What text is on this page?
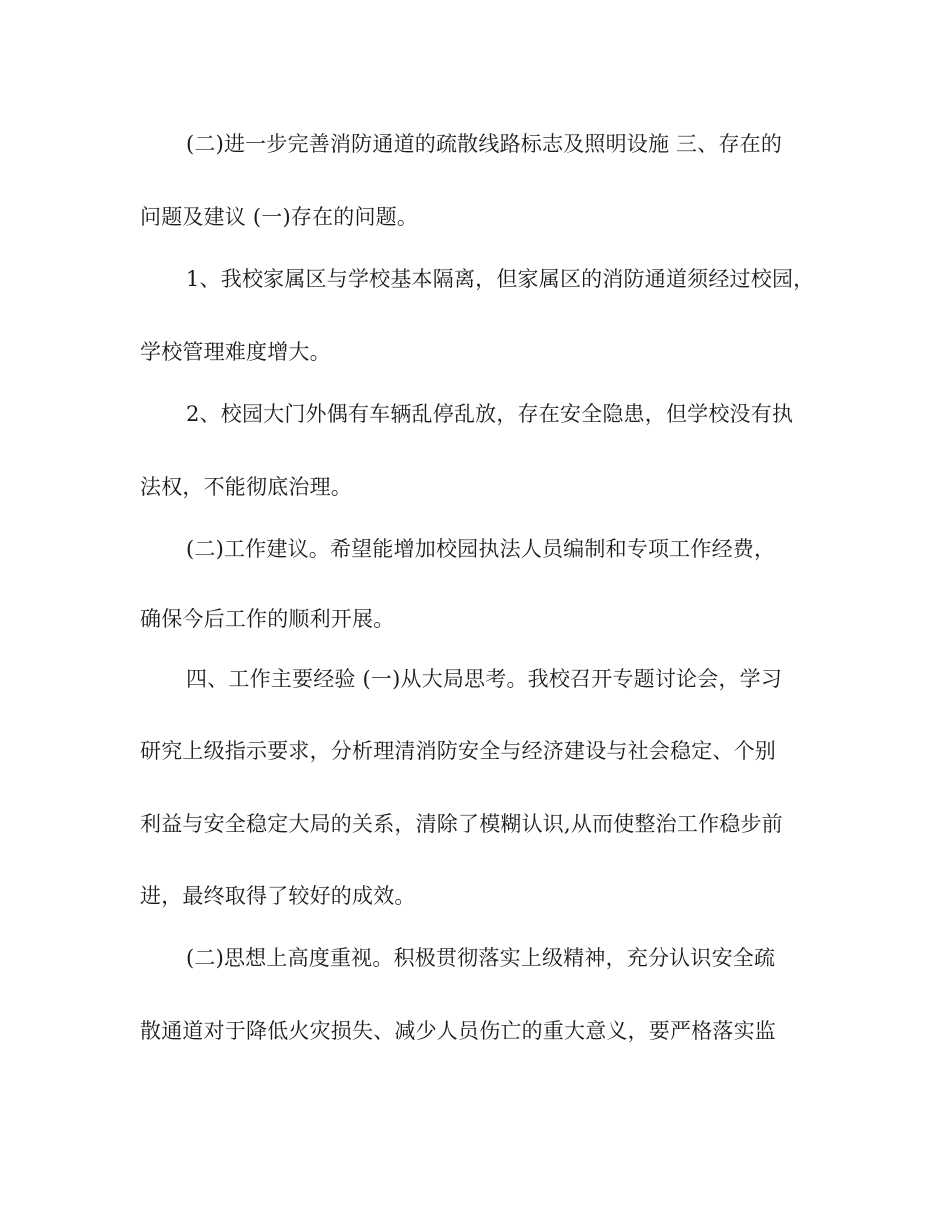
(二)进一步完善消防通道的疏散线路标志及照明设施 三、存在的
问题及建议 (一)存在的问题。
1、我校家属区与学校基本隔离，但家属区的消防通道须经过校园，
学校管理难度增大。
2、校园大门外偶有车辆乱停乱放，存在安全隐患，但学校没有执
法权，不能彻底治理。
(二)工作建议。希望能增加校园执法人员编制和专项工作经费，
确保今后工作的顺利开展。
四、工作主要经验 (一)从大局思考。我校召开专题讨论会，学习
研究上级指示要求，分析理清消防安全与经济建设与社会稳定、个别
利益与安全稳定大局的关系，清除了模糊认识,从而使整治工作稳步前
进，最终取得了较好的成效。
(二)思想上高度重视。积极贯彻落实上级精神，充分认识安全疏
散通道对于降低火灾损失、减少人员伤亡的重大意义，要严格落实监
